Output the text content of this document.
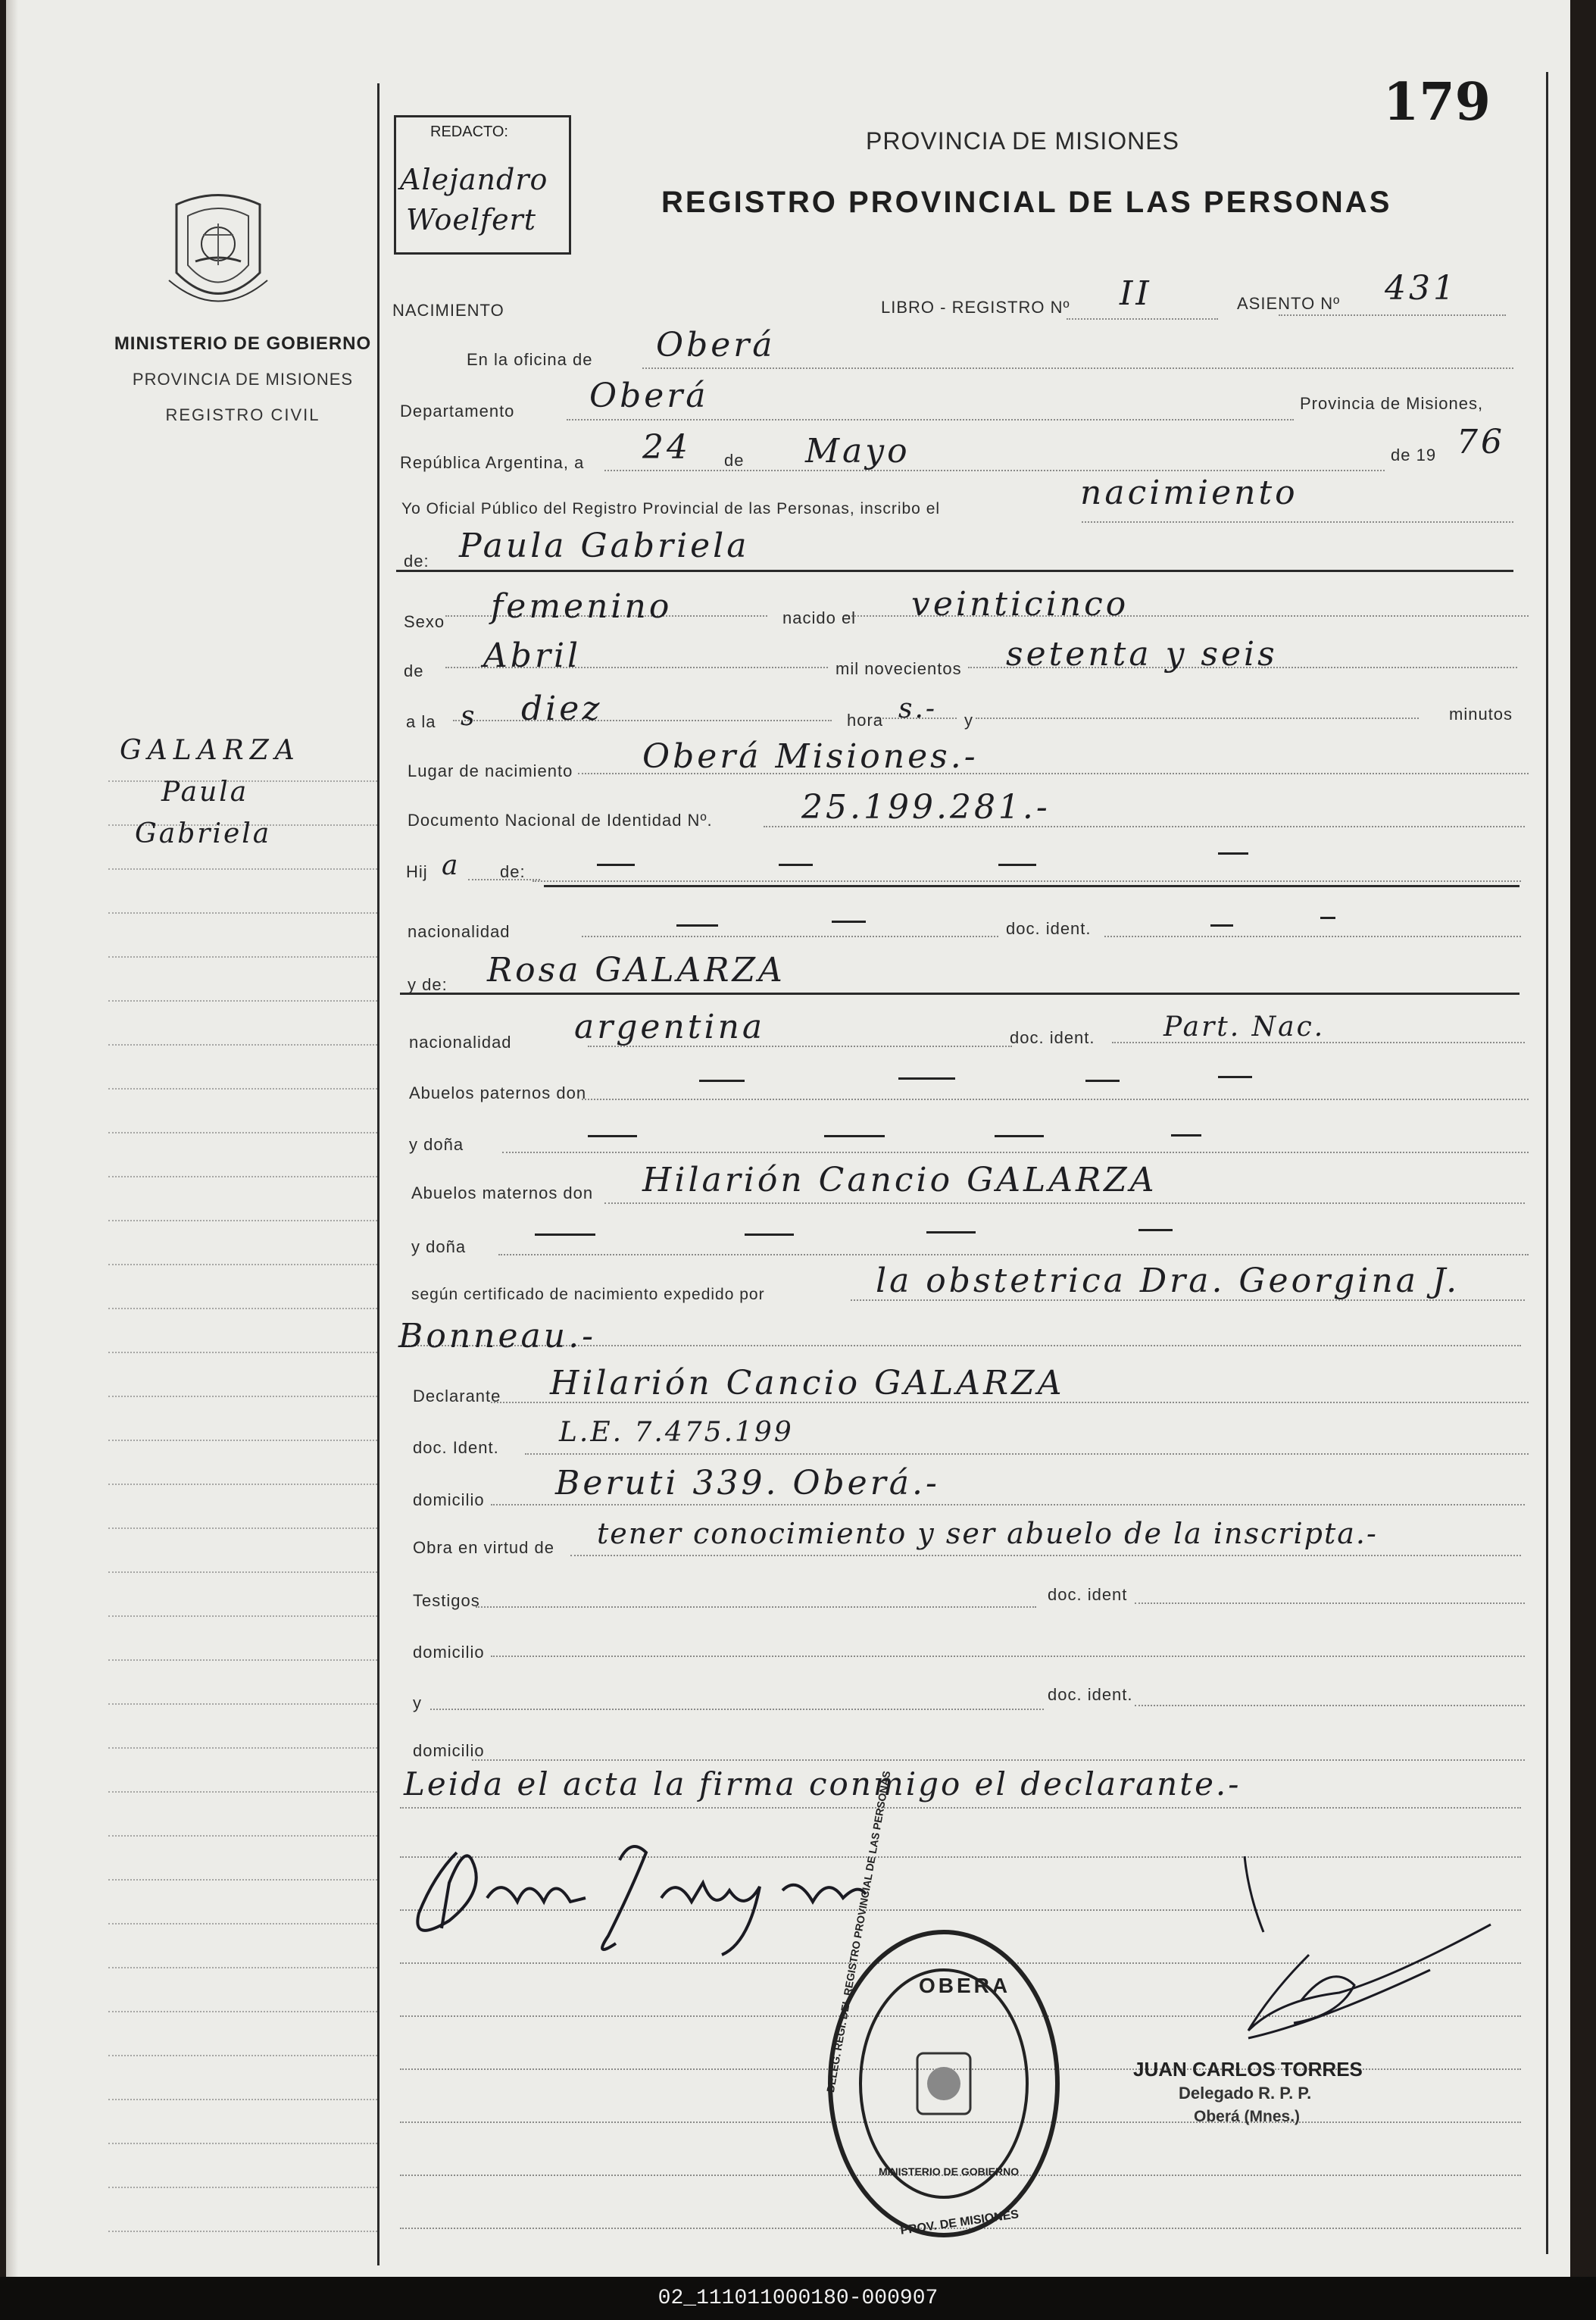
MINISTERIO DE GOBIERNO
PROVINCIA DE MISIONES
REGISTRO CIVIL
GALARZA
Paula
Gabriela
179
REDACTO:
Alejandro
Woelfert
PROVINCIA DE MISIONES
REGISTRO PROVINCIAL DE LAS PERSONAS
NACIMIENTO	LIBRO - REGISTRO Nº II	ASIENTO Nº 431
En la oficina de Oberá
Departamento Oberá	Provincia de Misiones,
República Argentina, a 24 de Mayo	de 19 76
Yo Oficial Público del Registro Provincial de las Personas, inscribo el	nacimiento
de: Paula Gabriela
Sexo femenino	nacido el veinticinco
de Abril	mil novecientos setenta y seis
a la s diez	hora s.- y	minutos
Lugar de nacimiento Oberá Misiones.-
Documento Nacional de Identidad Nº.	25.199.281.-
Hij a de:
nacionalidad	doc. ident.
y de: Rosa GALARZA
nacionalidad argentina	doc. ident.	Part. Nac.
Abuelos paternos don
y doña
Abuelos maternos don Hilarión Cancio GALARZA
y doña
según certificado de nacimiento expedido por	la obstetrica Dra. Georgina J.
Bonneau.-
Declarante Hilarión Cancio GALARZA
doc. Ident. L.E. 7.475.199
domicilio Beruti 339. Oberá.-
Obra en virtud de tener conocimiento y ser abuelo de la inscripta.-
Testigos	doc. ident
domicilio
y	doc. ident.
domicilio
Leida el acta la firma conmigo el declarante.-
JUAN CARLOS TORRES
Delegado R. P. P.
Oberá (Mnes.)
OBERA
DELEG. REGI. DEL REGISTRO PROVINCIAL DE LAS PERSONAS
PROV. DE MISIONES
MINISTERIO DE GOBIERNO
02_111011000180-000907
